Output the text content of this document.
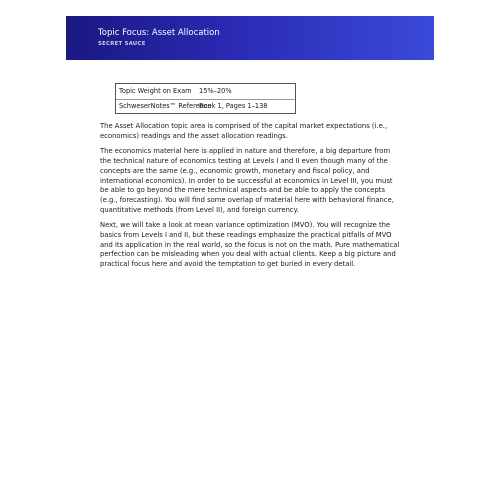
Topic Focus: Asset Allocation
SECRET SAUCE
Topic Weight on Exam 15%–20%
SchweserNotes™ Reference
Book 1, Pages 1–138

The Asset Allocation topic area is comprised of the capital market expectations (i.e., economics) readings and the asset allocation readings.

The economics material here is applied in nature and therefore, a big departure from the technical nature of economics testing at Levels I and II even though many of the concepts are the same (e.g., economic growth, monetary and fiscal policy, and international economics). In order to be successful at economics in Level III, you must be able to go beyond the mere technical aspects and be able to apply the concepts (e.g., forecasting). You will find some overlap of material here with behavioral finance, quantitative methods (from Level II), and foreign currency.

Next, we will take a look at mean variance optimization (MVO). You will recognize the basics from Levels I and II, but these readings emphasize the practical pitfalls of MVO and its application in the real world, so the focus is not on the math. Pure mathematical perfection can be misleading when you deal with actual clients. Keep a big picture and practical focus here and avoid the temptation to get buried in every detail.
